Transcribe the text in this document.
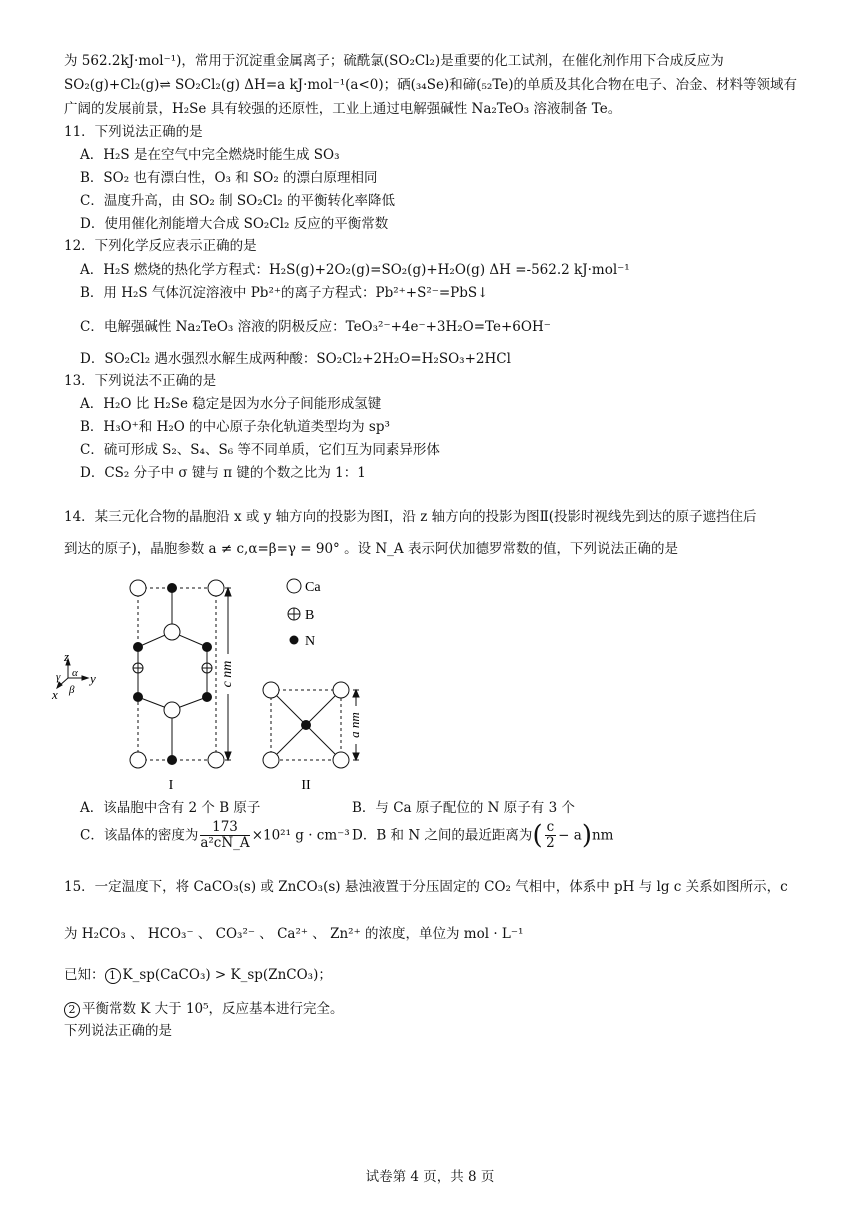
为 562.2kJ·mol⁻¹)，常用于沉淀重金属离子；硫酰氯(SO₂Cl₂)是重要的化工试剂，在催化剂作用下合成反应为
SO₂(g)+Cl₂(g)⇌ SO₂Cl₂(g) ΔH=a kJ·mol⁻¹(a<0)；硒(₃₄Se)和碲(₅₂Te)的单质及其化合物在电子、冶金、材料等领域有
广阔的发展前景，H₂Se 具有较强的还原性，工业上通过电解强碱性 Na₂TeO₃ 溶液制备 Te。
11．下列说法正确的是
A．H₂S 是在空气中完全燃烧时能生成 SO₃
B．SO₂ 也有漂白性，O₃ 和 SO₂ 的漂白原理相同
C．温度升高，由 SO₂ 制 SO₂Cl₂ 的平衡转化率降低
D．使用催化剂能增大合成 SO₂Cl₂ 反应的平衡常数
12．下列化学反应表示正确的是
A．H₂S 燃烧的热化学方程式：H₂S(g)+2O₂(g)=SO₂(g)+H₂O(g) ΔH =-562.2 kJ·mol⁻¹
B．用 H₂S 气体沉淀溶液中 Pb²⁺的离子方程式：Pb²⁺+S²⁻=PbS↓
C．电解强碱性 Na₂TeO₃ 溶液的阴极反应：TeO₃²⁻+4e⁻+3H₂O=Te+6OH⁻
D．SO₂Cl₂ 遇水强烈水解生成两种酸：SO₂Cl₂+2H₂O=H₂SO₃+2HCl
13．下列说法不正确的是
A．H₂O 比 H₂Se 稳定是因为水分子间能形成氢键
B．H₃O⁺和 H₂O 的中心原子杂化轨道类型均为 sp³
C．硫可形成 S₂、S₄、S₆ 等不同单质，它们互为同素异形体
D．CS₂ 分子中 σ 键与 π 键的个数之比为 1：1
14．某三元化合物的晶胞沿 x 或 y 轴方向的投影为图Ⅰ，沿 z 轴方向的投影为图Ⅱ(投影时视线先到达的原子遮挡住后
到达的原子)，晶胞参数 a ≠ c,α=β=γ = 90° 。设 N_A 表示阿伏加德罗常数的值，下列说法正确的是
c nm
z
y
x
α
γ
β
I
Ca
B
N
a nm
II
A．该晶胞中含有 2 个 B 原子	B．与 Ca 原子配位的 N 原子有 3 个
C．该晶体的密度为 $\frac{173}{\text{a²cN\_A}} \times 10^{21}$ g · cm⁻³ D．B 和 N 之间的最近距离为( $\frac{c}{2} - a)nm$
15．一定温度下，将 CaCO₃(s) 或 ZnCO₃(s) 悬浊液置于分压固定的 CO₂ 气相中，体系中 pH 与 lg c 关系如图所示，c
为 H₂CO₃ 、 HCO₃⁻ 、 CO₃²⁻ 、 Ca²⁺ 、 Zn²⁺ 的浓度，单位为 mol · L⁻¹
已知： 1 K_sp(CaCO₃) > K_sp(ZnCO₃)；
2 平衡常数 K 大于 10⁵，反应基本进行完全。
下列说法正确的是
试卷第 4 页，共 8 页
